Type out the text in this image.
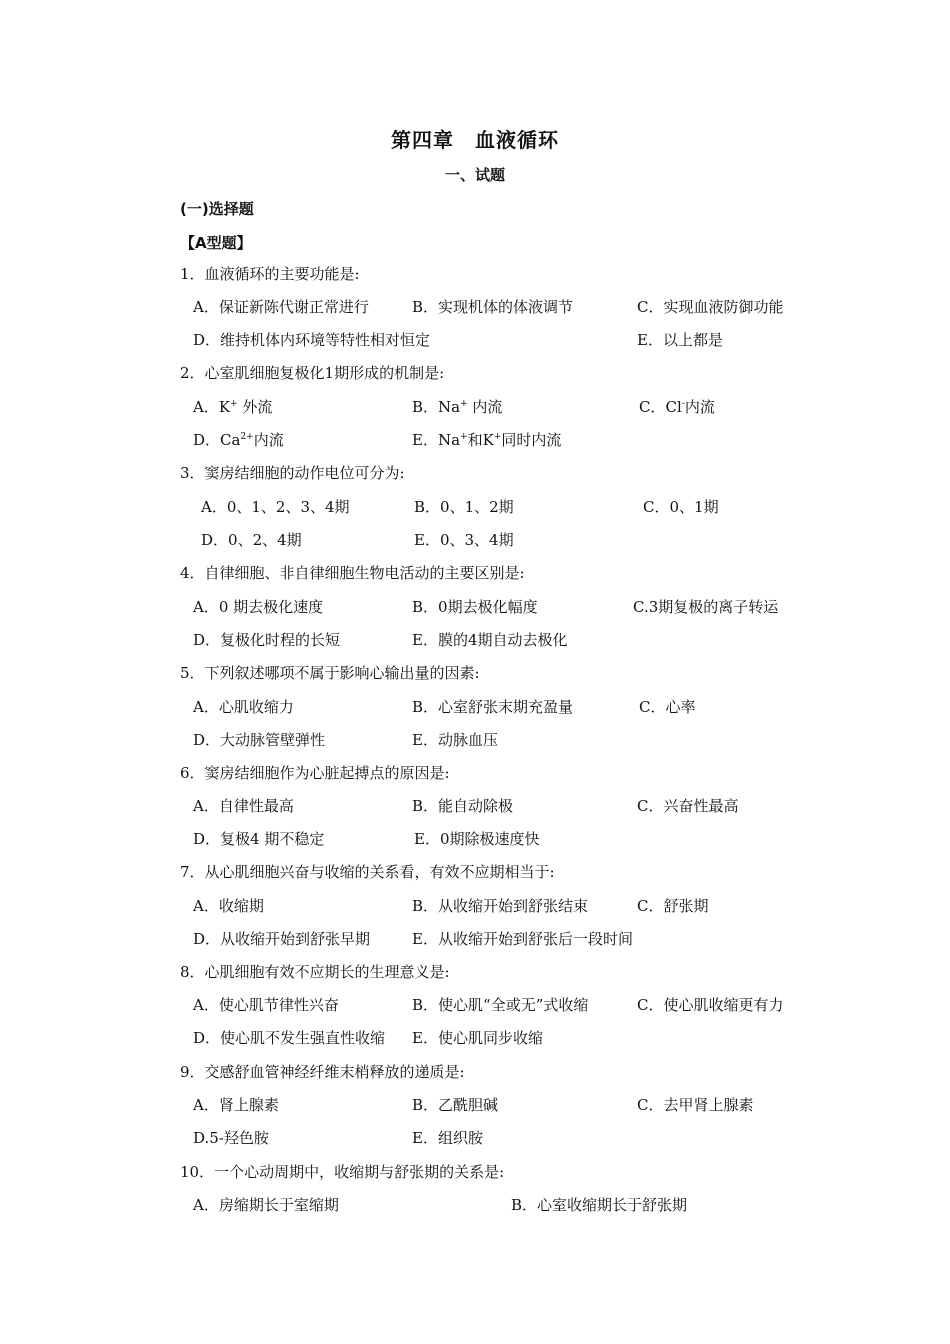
第四章　血液循环
一、试题
(一)选择题
【A型题】
1．血液循环的主要功能是:
A．保证新陈代谢正常进行	B．实现机体的体液调节	C．实现血液防御功能
D．维持机体内环境等特性相对恒定	E．以上都是
2．心室肌细胞复极化1期形成的机制是:
A．K+ 外流	B．Na+ 内流	C．Cl-内流
D．$Ca^{2+}$内流	E．Na+和K+同时内流
3．窦房结细胞的动作电位可分为:
A．0、1、2、3、4期	B．0、1、2期	C．0、1期
D．0、2、4期	E．0、3、4期
4．自律细胞、非自律细胞生物电活动的主要区别是:
A．0 期去极化速度	B．0期去极化幅度	C.3期复极的离子转运
D．复极化时程的长短	E．膜的4期自动去极化
5．下列叙述哪项不属于影响心输出量的因素:
A．心肌收缩力	B．心室舒张末期充盈量	C．心率
D．大动脉管壁弹性	E．动脉血压
6．窦房结细胞作为心脏起搏点的原因是:
A．自律性最高	B．能自动除极	C．兴奋性最高
D．复极4 期不稳定	E．0期除极速度快
7．从心肌细胞兴奋与收缩的关系看，有效不应期相当于:
A．收缩期	B．从收缩开始到舒张结束	C．舒张期
D．从收缩开始到舒张早期	E．从收缩开始到舒张后一段时间
8．心肌细胞有效不应期长的生理意义是:
A．使心肌节律性兴奋	B．使心肌“全或无”式收缩	C．使心肌收缩更有力
D．使心肌不发生强直性收缩 E．使心肌同步收缩
9．交感舒血管神经纤维末梢释放的递质是:
A．肾上腺素	B．乙酰胆碱	C．去甲肾上腺素
D.5-羟色胺	E．组织胺
10．一个心动周期中，收缩期与舒张期的关系是:
A．房缩期长于室缩期	B．心室收缩期长于舒张期
